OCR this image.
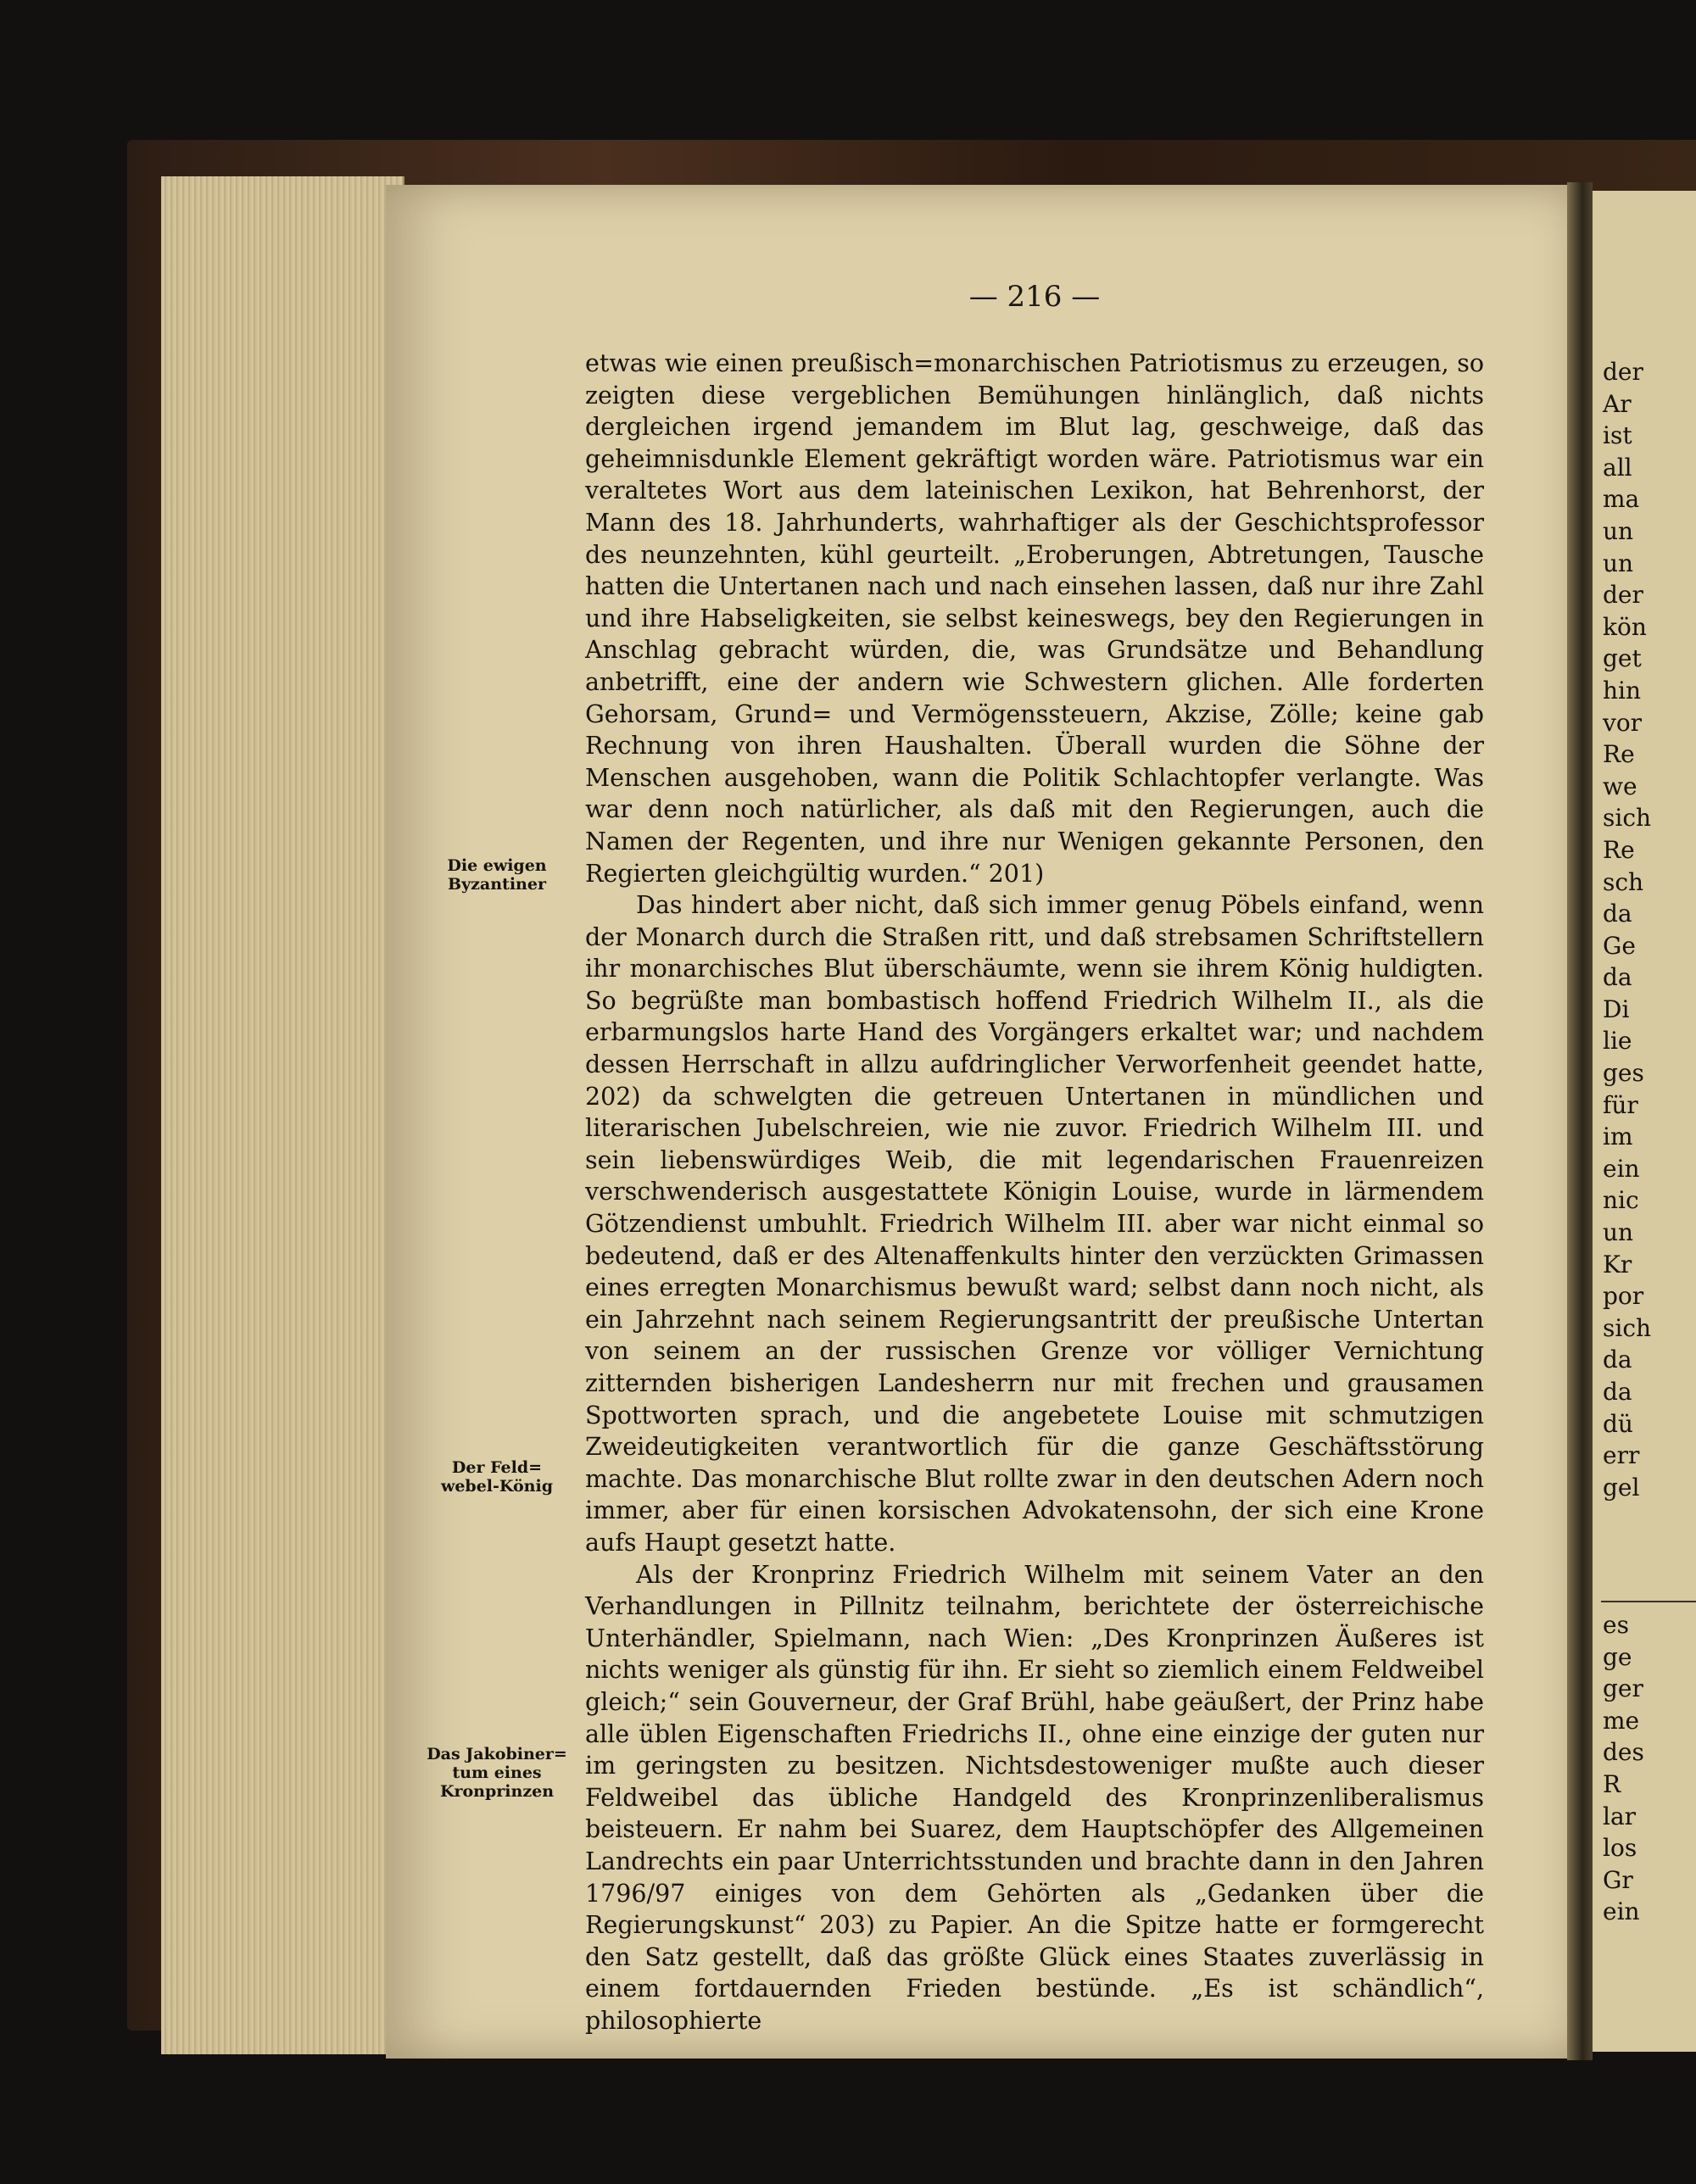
— 216 —

etwas wie einen preußisch=monarchischen Patriotismus zu erzeugen, so zeigten diese vergeblichen Bemühungen hinlänglich, daß nichts dergleichen irgend jemandem im Blut lag, geschweige, daß das geheimnisdunkle Element gekräftigt worden wäre. Patriotismus war ein veraltetes Wort aus dem lateinischen Lexikon, hat Behrenhorst, der Mann des 18. Jahrhunderts, wahrhaftiger als der Geschichtsprofessor des neunzehnten, kühl geurteilt. „Eroberungen, Abtretungen, Tausche hatten die Untertanen nach und nach einsehen lassen, daß nur ihre Zahl und ihre Habseligkeiten, sie selbst keineswegs, bey den Regierungen in Anschlag gebracht würden, die, was Grundsätze und Behandlung anbetrifft, eine der andern wie Schwestern glichen. Alle forderten Gehorsam, Grund= und Vermögenssteuern, Akzise, Zölle; keine gab Rechnung von ihren Haushalten. Überall wurden die Söhne der Menschen ausgehoben, wann die Politik Schlachtopfer verlangte. Was war denn noch natürlicher, als daß mit den Regierungen, auch die Namen der Regenten, und ihre nur Wenigen gekannte Personen, den Regierten gleichgültig wurden.“ 201)

Das hindert aber nicht, daß sich immer genug Pöbels einfand, wenn der Monarch durch die Straßen ritt, und daß strebsamen Schriftstellern ihr monarchisches Blut überschäumte, wenn sie ihrem König huldigten. So begrüßte man bombastisch hoffend Friedrich Wilhelm II., als die erbarmungslos harte Hand des Vorgängers erkaltet war; und nachdem dessen Herrschaft in allzu aufdringlicher Verworfenheit geendet hatte, 202) da schwelgten die getreuen Untertanen in mündlichen und literarischen Jubelschreien, wie nie zuvor. Friedrich Wilhelm III. und sein liebenswürdiges Weib, die mit legendarischen Frauenreizen verschwenderisch ausgestattete Königin Louise, wurde in lärmendem Götzendienst umbuhlt. Friedrich Wilhelm III. aber war nicht einmal so bedeutend, daß er des Altenaffenkults hinter den verzückten Grimassen eines erregten Monarchismus bewußt ward; selbst dann noch nicht, als ein Jahrzehnt nach seinem Regierungsantritt der preußische Untertan von seinem an der russischen Grenze vor völliger Vernichtung zitternden bisherigen Landesherrn nur mit frechen und grausamen Spottworten sprach, und die angebetete Louise mit schmutzigen Zweideutigkeiten verantwortlich für die ganze Geschäftsstörung machte. Das monarchische Blut rollte zwar in den deutschen Adern noch immer, aber für einen korsischen Advokatensohn, der sich eine Krone aufs Haupt gesetzt hatte.

Als der Kronprinz Friedrich Wilhelm mit seinem Vater an den Verhandlungen in Pillnitz teilnahm, berichtete der österreichische Unterhändler, Spielmann, nach Wien: „Des Kronprinzen Äußeres ist nichts weniger als günstig für ihn. Er sieht so ziemlich einem Feldweibel gleich;“ sein Gouverneur, der Graf Brühl, habe geäußert, der Prinz habe alle üblen Eigenschaften Friedrichs II., ohne eine einzige der guten nur im geringsten zu besitzen. Nichtsdestoweniger mußte auch dieser Feldweibel das übliche Handgeld des Kronprinzenliberalismus beisteuern. Er nahm bei Suarez, dem Hauptschöpfer des Allgemeinen Landrechts ein paar Unterrichtsstunden und brachte dann in den Jahren 1796/97 einiges von dem Gehörten als „Gedanken über die Regierungskunst“ 203) zu Papier. An die Spitze hatte er formgerecht den Satz gestellt, daß das größte Glück eines Staates zuverlässig in einem fortdauernden Frieden bestünde. „Es ist schändlich“, philosophierte

Die ewigen
Byzantiner
Der Feld=
webel-König
Das Jakobiner=
tum eines
Kronprinzen
der
Ar
ist
all
ma
un
un
der
kön
get
hin
vor
Re
we
sich
Re
sch
da
Ge
da
Di
lie
ges
für
im
ein
nic
un
Kr
por
sich
da
da
dü
err
gel
es
ge
ger
me
des
R
lar
los
Gr
ein
